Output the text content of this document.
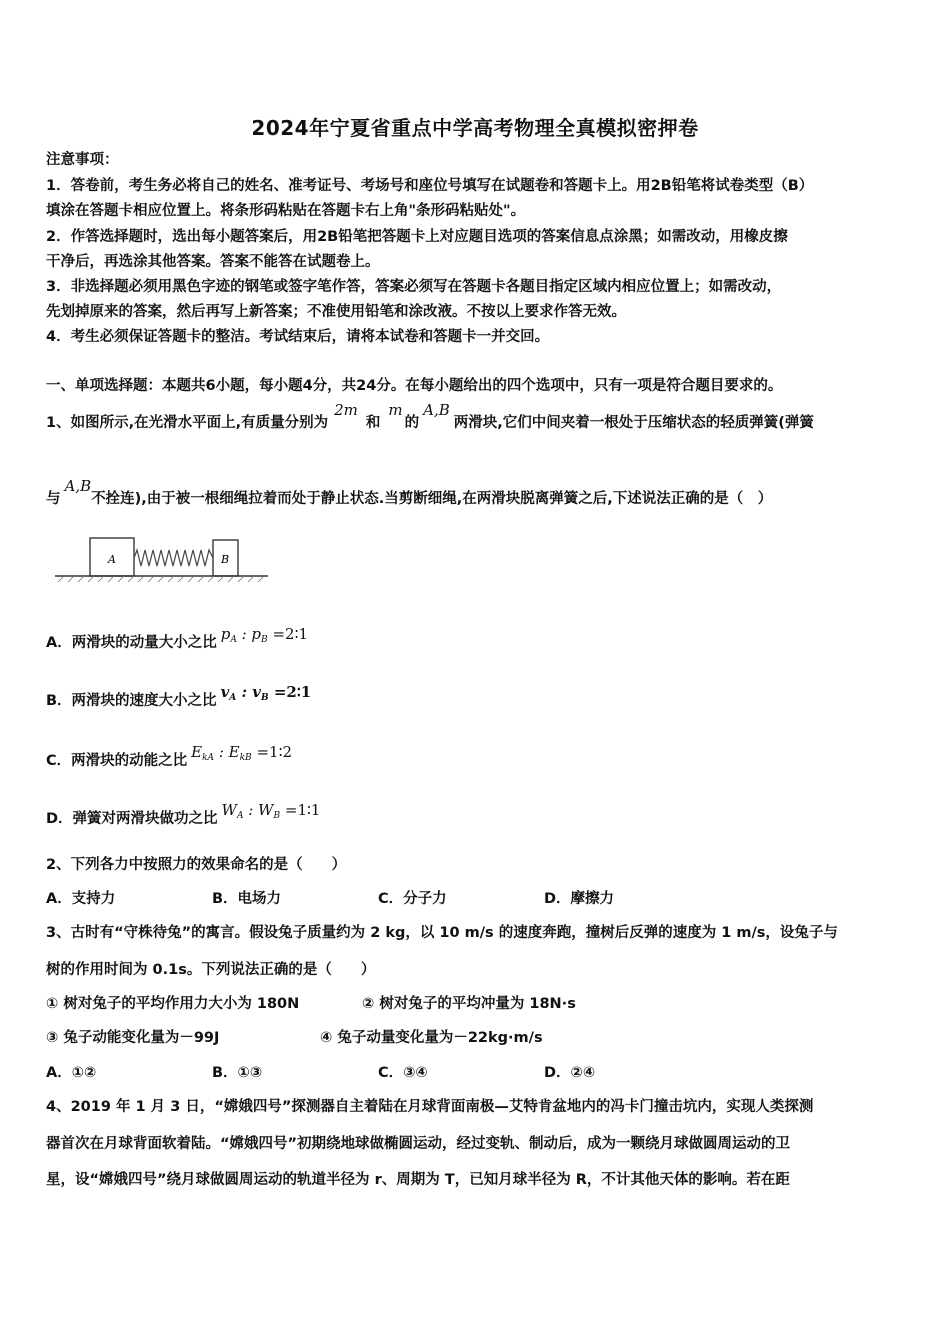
2024年宁夏省重点中学高考物理全真模拟密押卷
注意事项：
1．答卷前，考生务必将自己的姓名、准考证号、考场号和座位号填写在试题卷和答题卡上。用2B铅笔将试卷类型（B）
填涂在答题卡相应位置上。将条形码粘贴在答题卡右上角"条形码粘贴处"。
2．作答选择题时，选出每小题答案后，用2B铅笔把答题卡上对应题目选项的答案信息点涂黑；如需改动，用橡皮擦
干净后，再选涂其他答案。答案不能答在试题卷上。
3．非选择题必须用黑色字迹的钢笔或签字笔作答，答案必须写在答题卡各题目指定区域内相应位置上；如需改动，
先划掉原来的答案，然后再写上新答案；不准使用铅笔和涂改液。不按以上要求作答无效。
4．考生必须保证答题卡的整洁。考试结束后，请将本试卷和答题卡一并交回。
一、单项选择题：本题共6小题，每小题4分，共24分。在每小题给出的四个选项中，只有一项是符合题目要求的。
1、如图所示,在光滑水平面上,有质量分别为2m和m的A,B两滑块,它们中间夹着一根处于压缩状态的轻质弹簧(弹簧
与A,B不拴连),由于被一根细绳拉着而处于静止状态.当剪断细绳,在两滑块脱离弹簧之后,下述说法正确的是（　）
A	B
A．两滑块的动量大小之比 $p_A$ : $p_B$ =2∶1
B．两滑块的速度大小之比 $v_A$ : $v_B$ =2∶1
C．两滑块的动能之比 $E_{kA}$ : $E_{kB}$ =1∶2
D．弹簧对两滑块做功之比 $W_A$ : $W_B$ =1∶1
2、下列各力中按照力的效果命名的是（　　）
A．支持力	B．电场力	C．分子力	D．摩擦力
3、古时有“守株待兔”的寓言。假设兔子质量约为 2 kg，以 10 m/s 的速度奔跑，撞树后反弹的速度为 1 m/s，设兔子与
树的作用时间为 0.1s。下列说法正确的是（　　）
① 树对兔子的平均作用力大小为 180N	② 树对兔子的平均冲量为 18N·s
③ 兔子动能变化量为－99J	④ 兔子动量变化量为－22kg·m/s
A．①②	B．①③	C．③④	D．②④
4、2019 年 1 月 3 日，“嫦娥四号”探测器自主着陆在月球背面南极—艾特肯盆地内的冯卡门撞击坑内，实现人类探测
器首次在月球背面软着陆。“嫦娥四号”初期绕地球做椭圆运动，经过变轨、制动后，成为一颗绕月球做圆周运动的卫
星，设“嫦娥四号”绕月球做圆周运动的轨道半径为 r、周期为 T，已知月球半径为 R，不计其他天体的影响。若在距
